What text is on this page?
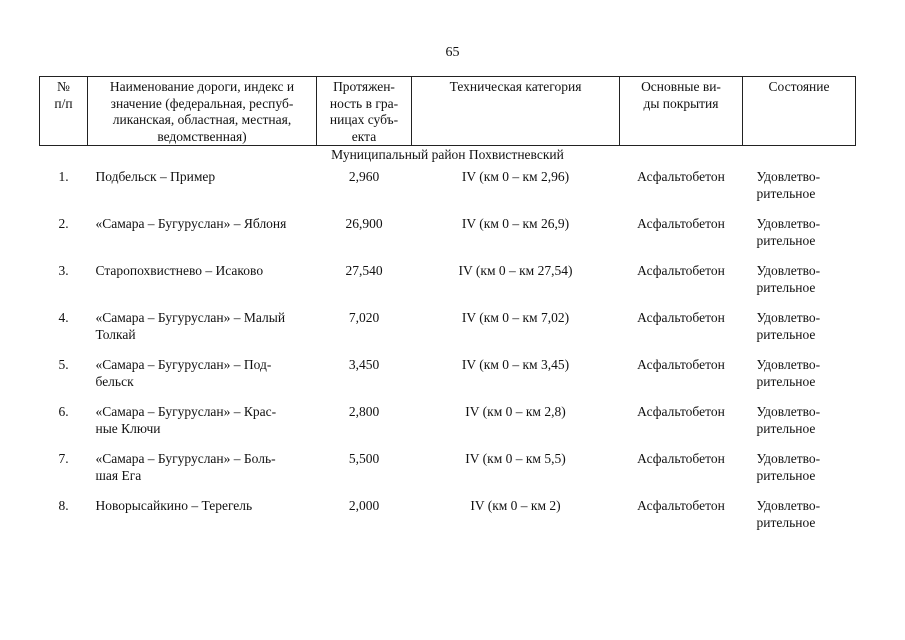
65
№
п/п	Наименование дороги, индекс и
значение (федеральная, респуб-
ликанская, областная, местная,
ведомственная)	Протяжен-
ность в гра-
ницах субъ-
екта	Техническая категория	Основные ви-
ды покрытия	Состояние
Муниципальный район Похвистневский					
1.	Подбельск – Пример	2,960	IV (км 0 – км 2,96)	Асфальтобетон	Удовлетво-
рительное
2.	«Самара – Бугуруслан» – Яблоня	26,900	IV (км 0 – км 26,9)	Асфальтобетон	Удовлетво-
рительное
3.	Старопохвистнево – Исаково	27,540	IV (км 0 – км 27,54)	Асфальтобетон	Удовлетво-
рительное
4.	«Самара – Бугуруслан» – Малый
Толкай	7,020	IV (км 0 – км 7,02)	Асфальтобетон	Удовлетво-
рительное
5.	«Самара – Бугуруслан» – Под-
бельск	3,450	IV (км 0 – км 3,45)	Асфальтобетон	Удовлетво-
рительное
6.	«Самара – Бугуруслан» – Крас-
ные Ключи	2,800	IV (км 0 – км 2,8)	Асфальтобетон	Удовлетво-
рительное
7.	«Самара – Бугуруслан» – Боль-
шая Ега	5,500	IV (км 0 – км 5,5)	Асфальтобетон	Удовлетво-
рительное
8.	Новорысайкино – Терегель	2,000	IV (км 0 – км 2)	Асфальтобетон	Удовлетво-
рительное
